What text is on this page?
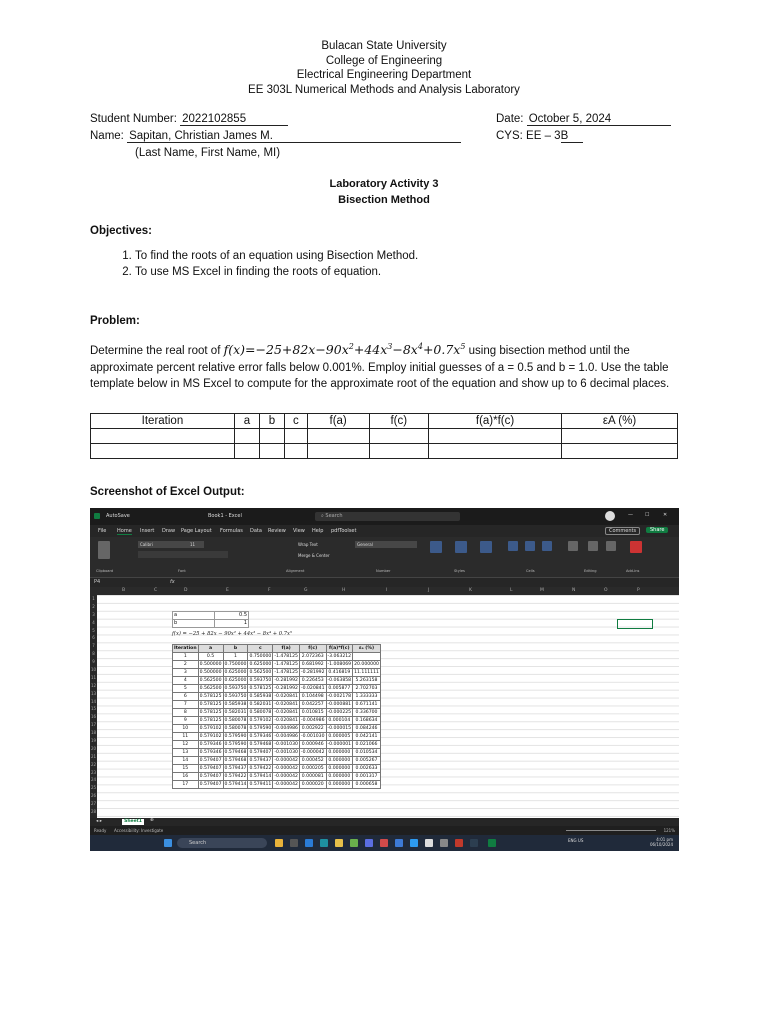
Bulacan State University
College of Engineering
Electrical Engineering Department
EE 303L Numerical Methods and Analysis Laboratory
Student Number: 2022102855
Name: Sapitan, Christian James M.
(Last Name, First Name, MI)
Date: October 5, 2024
CYS: EE – 3B
Laboratory Activity 3
Bisection Method
Objectives:
1. To find the roots of an equation using Bisection Method.
2. To use MS Excel in finding the roots of equation.
Problem:
Determine the real root of $f(x)=-25+82x-90x^2+44x^3-8x^4+0.7x^5$ using bisection method until the approximate percent relative error falls below 0.001%. Employ initial guesses of a = 0.5 and b = 1.0. Use the table template below in MS Excel to compute for the approximate root of the equation and show up to 6 decimal places.
Iteration	a	b	c	f(a)	f(c)	f(a)*f(c)	εA (%)

Screenshot of Excel Output:
AutoSave	Book1 - Excel	⌕ Search	— ☐	✕
File Home Insert Draw Page Layout Formulas Data Review View Help pdfToolset	Comments	Share
Calibri	11	Wrap Text
Merge & Center
General
Clipboard	Font	Alignment	Number	Styles	Cells	Editing	Add-ins
P4	fx
B	C	D	E	F	G	H	I	J	K	L	M	N	O	P
1
2
3
4
5
6
7
8
9
10
11
12
13
14
15
16
17
18
19
20
21
22
23
24
25
26
27
28
a	0.5
b	1
f(x) = −25 + 82x − 90x² + 44x³ − 8x⁴ + 0.7x⁵
Iteration	a	b	c	f(a)	f(c)	f(a)*f(c)	εₐ (%)
1	0.5	1	0.750000	-1.478125	2.072363	-3.063212	
2	0.500000	0.750000	0.625000	-1.478125	0.681992	-1.008069	20.000000
3	0.500000	0.625000	0.562500	-1.478125	-0.281992	0.416819	11.111111
4	0.562500	0.625000	0.593750	-0.281992	0.226453	-0.063858	5.263158
5	0.562500	0.593750	0.578125	-0.281992	-0.020841	0.005877	2.702703
6	0.578125	0.593750	0.585938	-0.020841	0.104498	-0.002178	1.333333
7	0.578125	0.585938	0.582031	-0.020841	0.042257	-0.000881	0.671141
8	0.578125	0.582031	0.580078	-0.020841	0.010815	-0.000225	0.336700
9	0.578125	0.580078	0.579102	-0.020841	-0.004986	0.000104	0.168634
10	0.579102	0.580078	0.579590	-0.004986	0.002922	-0.000015	0.084246
11	0.579102	0.579590	0.579346	-0.004986	-0.001030	0.000005	0.042141
12	0.579346	0.579590	0.579468	-0.001030	0.000946	-0.000001	0.021066
13	0.579346	0.579468	0.579407	-0.001030	-0.000042	0.000000	0.010534
14	0.579407	0.579468	0.579437	-0.000042	0.000452	0.000000	0.005267
15	0.579407	0.579437	0.579422	-0.000042	0.000205	0.000000	0.002633
16	0.579407	0.579422	0.579414	-0.000042	0.000081	0.000000	0.001317
17	0.579407	0.579414	0.579411	-0.000042	0.000020	0.000000	0.000658
◂ ▸	Sheet1	⊕
Ready Accessibility: Investigate	121%
Search	ENG US	4:01 pm
06/10/2024
